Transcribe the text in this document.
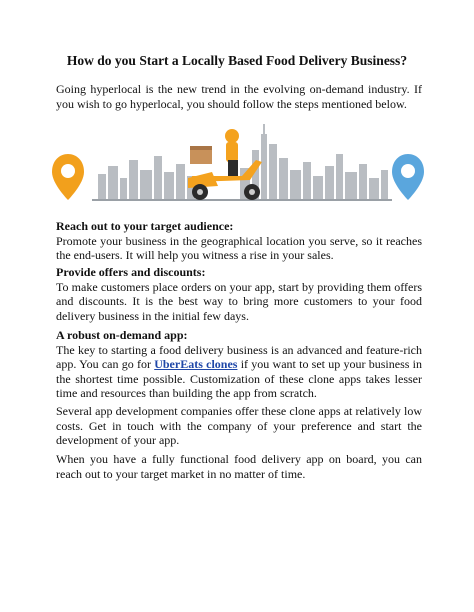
How do you Start a Locally Based Food Delivery Business?

Going hyperlocal is the new trend in the evolving on-demand industry. If you wish to go hyperlocal, you should follow the steps mentioned below.

Reach out to your target audience:

Promote your business in the geographical location you serve, so it reaches the end-users. It will help you witness a rise in your sales.

Provide offers and discounts:

To make customers place orders on your app, start by providing them offers and discounts. It is the best way to bring more customers to your food delivery business in the initial few days.

A robust on-demand app:

The key to starting a food delivery business is an advanced and feature-rich app. You can go for UberEats clones if you want to set up your business in the shortest time possible. Customization of these clone apps takes lesser time and resources than building the app from scratch.

Several app development companies offer these clone apps at relatively low costs. Get in touch with the company of your preference and start the development of your app.

When you have a fully functional food delivery app on board, you can reach out to your target market in no matter of time.
